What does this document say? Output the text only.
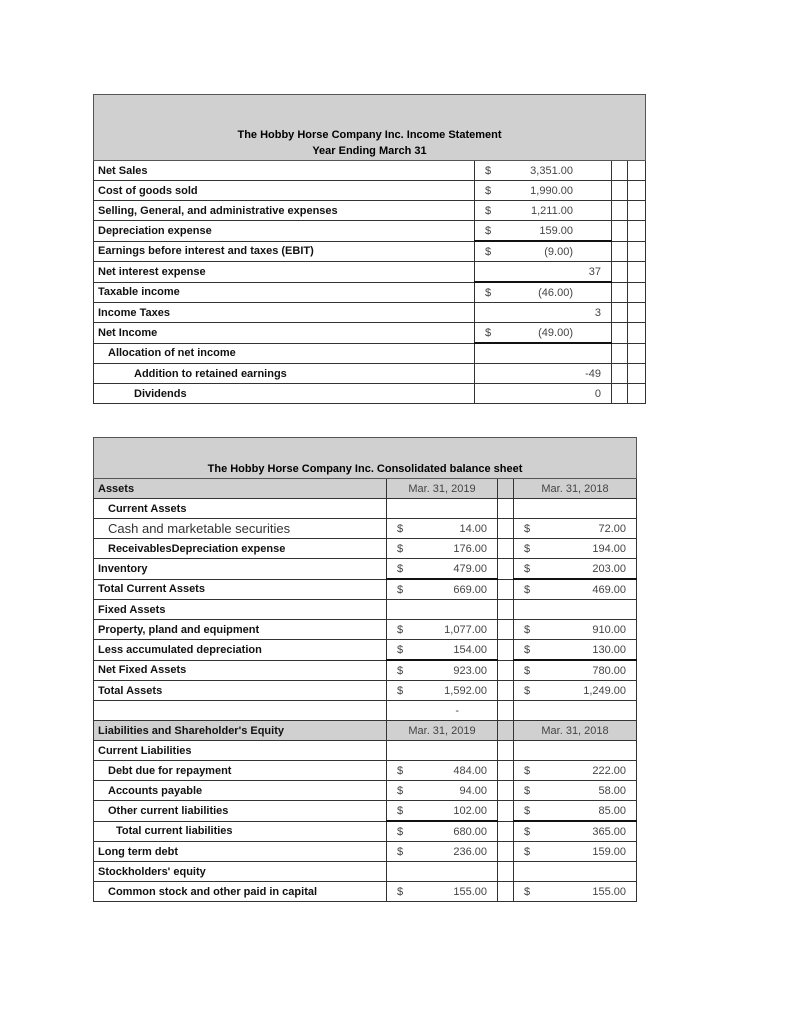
The Hobby Horse Company Inc. Income Statement
Year Ending March 31			

Net Sales	$ 3,351.00		

Cost of goods sold	$ 1,990.00		

Selling, General, and administrative expenses	$ 1,211.00		

Depreciation expense	$ 159.00		

Earnings before interest and taxes (EBIT)	$ (9.00)		

Net interest expense	37		
Taxable income	$ (46.00)		

Income Taxes	3		
Net Income	$ (49.00)		

Allocation of net income			
Addition to retained earnings	-49		
Dividends	0		
The Hobby Horse Company Inc. Consolidated balance sheet			

Assets	Mar. 31, 2019		Mar. 31, 2018
Current Assets			
Cash and marketable securities	$ 14.00		$ 72.00

ReceivablesDepreciation expense	$ 176.00		$ 194.00

Inventory	$ 479.00		$ 203.00

Total Current Assets	$ 669.00		$ 469.00

Fixed Assets			
Property, pland and equipment	$ 1,077.00		$ 910.00

Less accumulated depreciation	$ 154.00		$ 130.00

Net Fixed Assets	$ 923.00		$ 780.00

Total Assets	$ 1,592.00		$ 1,249.00

	-		
Liabilities and Shareholder's Equity	Mar. 31, 2019		Mar. 31, 2018
Current Liabilities			
Debt due for repayment	$ 484.00		$ 222.00

Accounts payable	$ 94.00		$ 58.00

Other current liabilities	$ 102.00		$ 85.00

Total current liabilities	$ 680.00		$ 365.00

Long term debt	$ 236.00		$ 159.00

Stockholders' equity			
Common stock and other paid in capital	$ 155.00		$ 155.00
